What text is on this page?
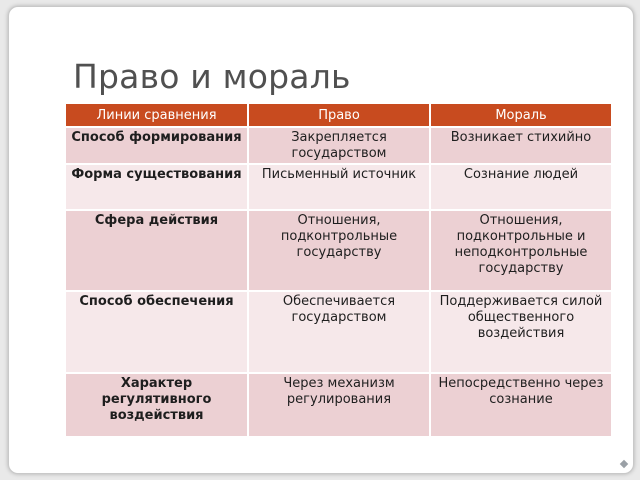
Право и мораль
Линии сравнения	Право	Мораль
Способ формирования	Закрепляется государством	Возникает стихийно
Форма существования	Письменный источник	Сознание людей
Сфера действия	Отношения, подконтрольные государству	Отношения, подконтрольные и неподконтрольные государству
Способ обеспечения	Обеспечивается государством	Поддерживается силой общественного воздействия
Характер регулятивного воздействия	Через механизм регулирования	Непосредственно через сознание
